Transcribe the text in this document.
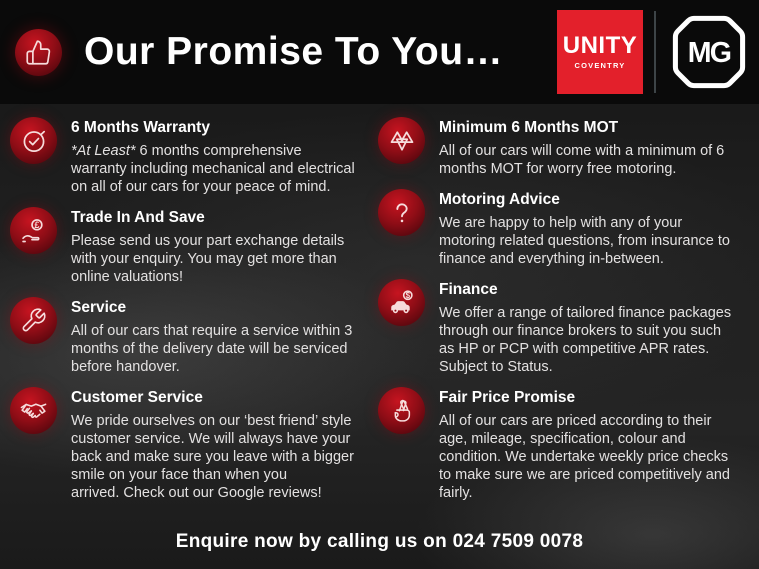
Our Promise To You…	UNITY
COVENTRY MG
6 Months Warranty
*At Least* 6 months comprehensive
warranty including mechanical and electrical
on all of our cars for your peace of mind.
£ Trade In And Save
Please send us your part exchange details
with your enquiry. You may get more than
online valuations!
Service
All of our cars that require a service within 3
months of the delivery date will be serviced
before handover.
Customer Service
We pride ourselves on our ‘best friend’ style
customer service. We will always have your
back and make sure you leave with a bigger
smile on your face than when you
arrived. Check out our Google reviews!
Minimum 6 Months MOT
All of our cars will come with a minimum of 6
months MOT for worry free motoring.
Motoring Advice
We are happy to help with any of your
motoring related questions, from insurance to
finance and everything in-between.
$ Finance
We offer a range of tailored finance packages
through our finance brokers to suit you such
as HP or PCP with competitive APR rates.
Subject to Status.
Fair Price Promise
All of our cars are priced according to their
age, mileage, specification, colour and
condition. We undertake weekly price checks
to make sure we are priced competitively and
fairly.
Enquire now by calling us on 024 7509 0078
